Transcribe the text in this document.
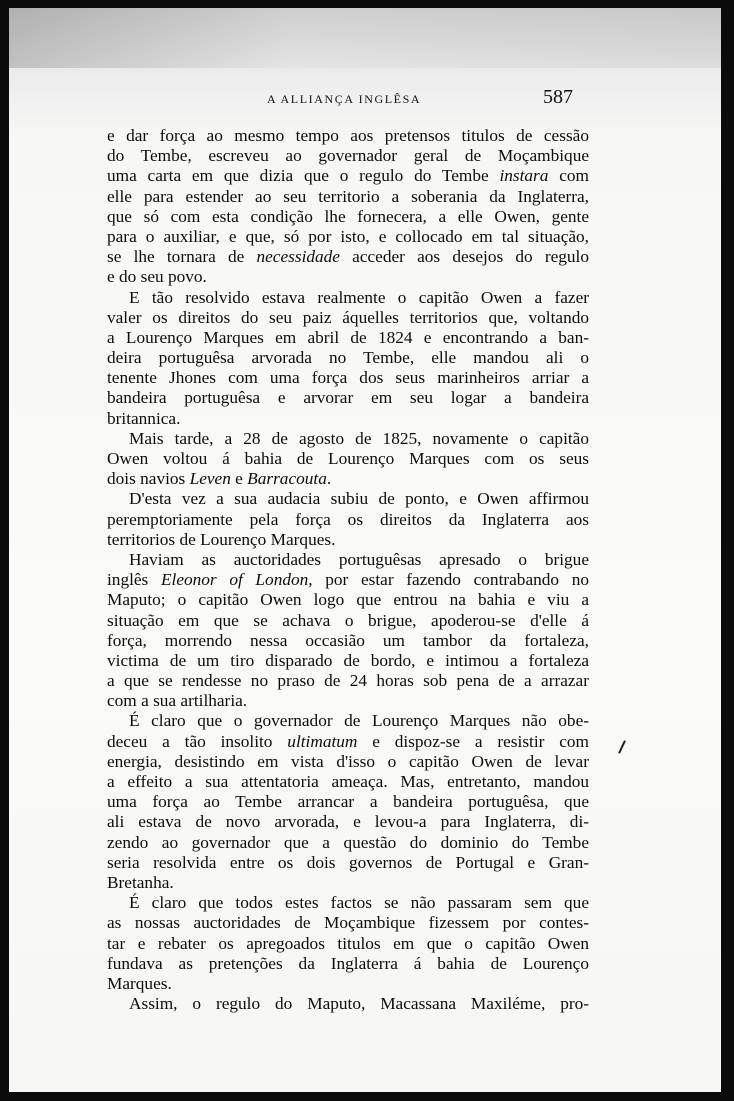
A ALLIANÇA INGLÊSA	587
e dar força ao mesmo tempo aos pretensos titulos de cessão
do Tembe, escreveu ao governador geral de Moçambique
uma carta em que dizia que o regulo do Tembe instara com
elle para estender ao seu territorio a soberania da Inglaterra,
que só com esta condição lhe fornecera, a elle Owen, gente
para o auxiliar, e que, só por isto, e collocado em tal situação,
se lhe tornara de necessidade acceder aos desejos do regulo
e do seu povo.
E tão resolvido estava realmente o capitão Owen a fazer
valer os direitos do seu paiz áquelles territorios que, voltando
a Lourenço Marques em abril de 1824 e encontrando a ban-
deira portuguêsa arvorada no Tembe, elle mandou ali o
tenente Jhones com uma força dos seus marinheiros arriar a
bandeira portuguêsa e arvorar em seu logar a bandeira
britannica.
Mais tarde, a 28 de agosto de 1825, novamente o capitão
Owen voltou á bahia de Lourenço Marques com os seus
dois navios Leven e Barracouta.
D'esta vez a sua audacia subiu de ponto, e Owen affirmou
peremptoriamente pela força os direitos da Inglaterra aos
territorios de Lourenço Marques.
Haviam as auctoridades portuguêsas apresado o brigue
inglês Eleonor of London, por estar fazendo contrabando no
Maputo; o capitão Owen logo que entrou na bahia e viu a
situação em que se achava o brigue, apoderou-se d'elle á
força, morrendo nessa occasião um tambor da fortaleza,
victima de um tiro disparado de bordo, e intimou a fortaleza
a que se rendesse no praso de 24 horas sob pena de a arrazar
com a sua artilharia.
É claro que o governador de Lourenço Marques não obe-
deceu a tão insolito ultimatum e dispoz-se a resistir com
energia, desistindo em vista d'isso o capitão Owen de levar
a effeito a sua attentatoria ameaça. Mas, entretanto, mandou
uma força ao Tembe arrancar a bandeira portuguêsa, que
ali estava de novo arvorada, e levou-a para Inglaterra, di-
zendo ao governador que a questão do dominio do Tembe
seria resolvida entre os dois governos de Portugal e Gran-
Bretanha.
É claro que todos estes factos se não passaram sem que
as nossas auctoridades de Moçambique fizessem por contes-
tar e rebater os apregoados titulos em que o capitão Owen
fundava as pretenções da Inglaterra á bahia de Lourenço
Marques.
Assim, o regulo do Maputo, Macassana Maxiléme, pro-
